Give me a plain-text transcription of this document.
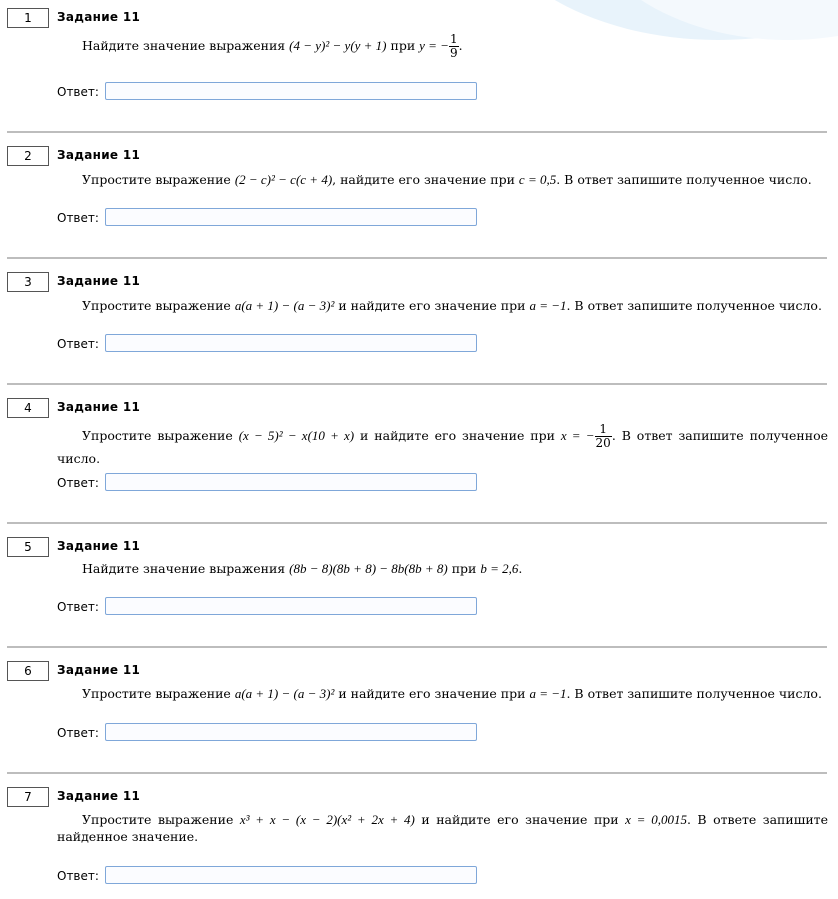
1	Задание 11
Найдите значение выражения (4 − y)² − y(y + 1) при y = − $\frac{1}{9}$ .
Ответ:
2	Задание 11
Упростите выражение (2 − c)² − c(c + 4), найдите его значение при c = 0,5. В ответ запишите полученное число.
Ответ:
3	Задание 11
Упростите выражение a(a + 1) − (a − 3)² и найдите его значение при a = −1. В ответ запишите полученное число.
Ответ:
4	Задание 11
Упростите выражение (x − 5)² − x(10 + x) и найдите его значение при x = − $\frac{1}{20}$ . В ответ запишите полученное число.
Ответ:
5	Задание 11
Найдите значение выражения (8b − 8)(8b + 8) − 8b(8b + 8) при b = 2,6.
Ответ:
6	Задание 11
Упростите выражение a(a + 1) − (a − 3)² и найдите его значение при a = −1. В ответ запишите полученное число.
Ответ:
7	Задание 11
Упростите выражение x³ + x − (x − 2)(x² + 2x + 4) и найдите его значение при x = 0,0015. В ответе запишите найденное значение.
Ответ:
